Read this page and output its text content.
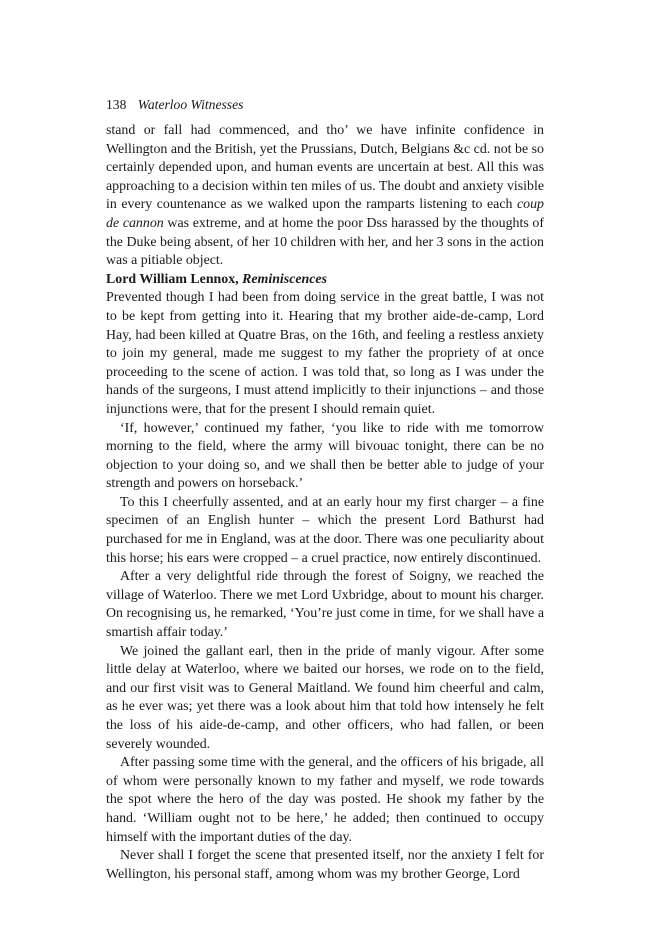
138 Waterloo Witnesses

stand or fall had commenced, and tho’ we have infinite confidence in Wellington and the British, yet the Prussians, Dutch, Belgians &c cd. not be so certainly depended upon, and human events are uncertain at best. All this was approaching to a decision within ten miles of us. The doubt and anxiety visible in every countenance as we walked upon the ramparts listening to each coup de cannon was extreme, and at home the poor Dss harassed by the thoughts of the Duke being absent, of her 10 children with her, and her 3 sons in the action was a pitiable object.

Lord William Lennox, Reminiscences

Prevented though I had been from doing service in the great battle, I was not to be kept from getting into it. Hearing that my brother aide-de-camp, Lord Hay, had been killed at Quatre Bras, on the 16th, and feeling a restless anxiety to join my general, made me suggest to my father the propriety of at once proceeding to the scene of action. I was told that, so long as I was under the hands of the surgeons, I must attend implicitly to their injunctions – and those injunctions were, that for the present I should remain quiet.

‘If, however,’ continued my father, ‘you like to ride with me tomorrow morning to the field, where the army will bivouac tonight, there can be no objection to your doing so, and we shall then be better able to judge of your strength and powers on horseback.’

To this I cheerfully assented, and at an early hour my first charger – a fine specimen of an English hunter – which the present Lord Bathurst had purchased for me in England, was at the door. There was one peculiarity about this horse; his ears were cropped – a cruel practice, now entirely discontinued.

After a very delightful ride through the forest of Soigny, we reached the village of Waterloo. There we met Lord Uxbridge, about to mount his charger. On recognising us, he remarked, ‘You’re just come in time, for we shall have a smartish affair today.’

We joined the gallant earl, then in the pride of manly vigour. After some little delay at Waterloo, where we baited our horses, we rode on to the field, and our first visit was to General Maitland. We found him cheerful and calm, as he ever was; yet there was a look about him that told how intensely he felt the loss of his aide-de-camp, and other officers, who had fallen, or been severely wounded.

After passing some time with the general, and the officers of his brigade, all of whom were personally known to my father and myself, we rode towards the spot where the hero of the day was posted. He shook my father by the hand. ‘William ought not to be here,’ he added; then continued to occupy himself with the important duties of the day.

Never shall I forget the scene that presented itself, nor the anxiety I felt for Wellington, his personal staff, among whom was my brother George, Lord
